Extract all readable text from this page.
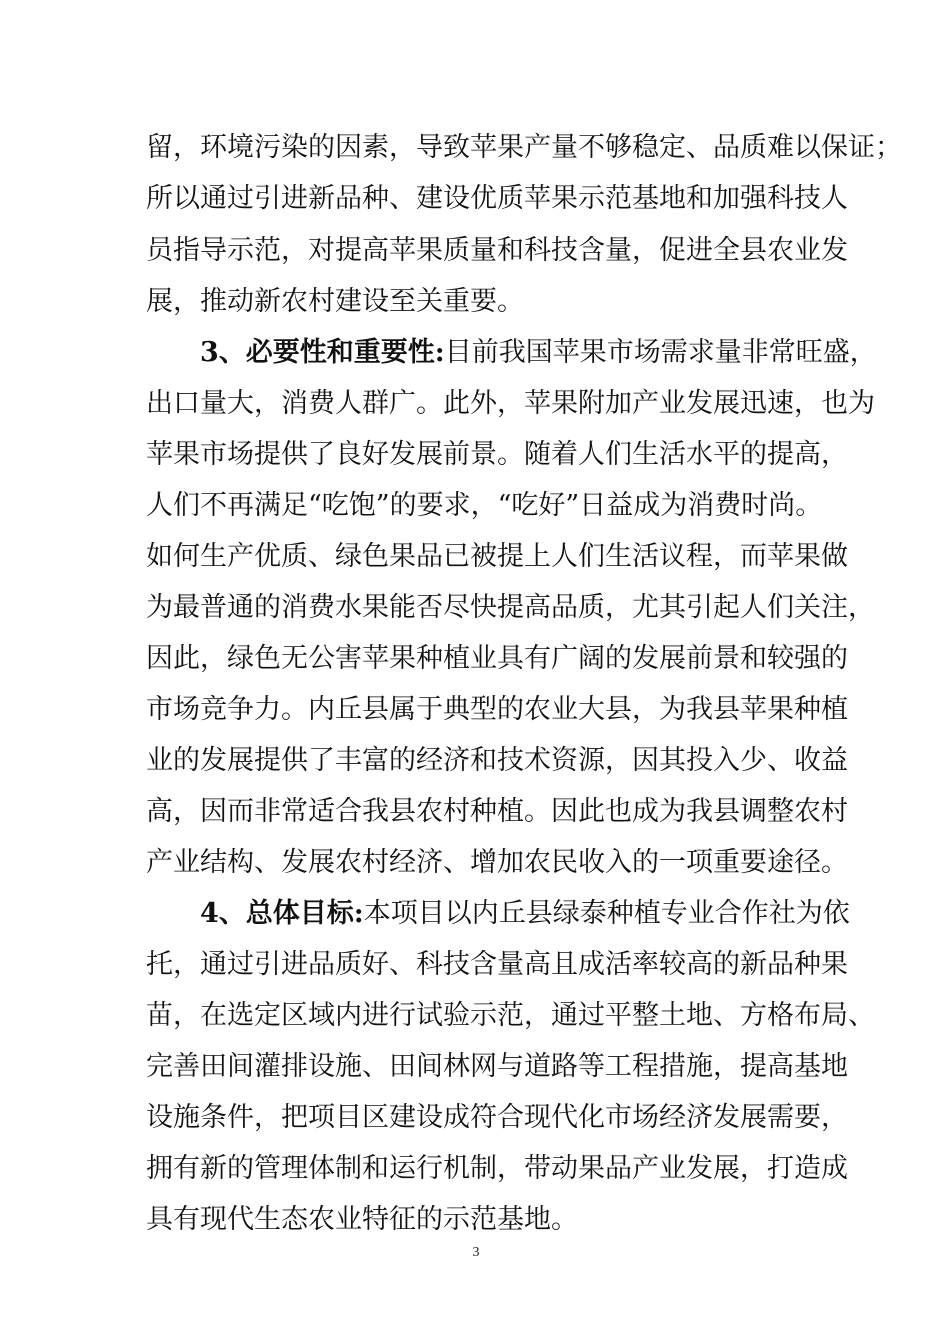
留，环境污染的因素，导致苹果产量不够稳定、品质难以保证；
所以通过引进新品种、建设优质苹果示范基地和加强科技人
员指导示范，对提高苹果质量和科技含量，促进全县农业发
展，推动新农村建设至关重要。
3、必要性和重要性:目前我国苹果市场需求量非常旺盛，
出口量大，消费人群广。此外，苹果附加产业发展迅速，也为
苹果市场提供了良好发展前景。随着人们生活水平的提高，
人们不再满足“吃饱”的要求，“吃好”日益成为消费时尚。
如何生产优质、绿色果品已被提上人们生活议程，而苹果做
为最普通的消费水果能否尽快提高品质，尤其引起人们关注，
因此，绿色无公害苹果种植业具有广阔的发展前景和较强的
市场竞争力。内丘县属于典型的农业大县，为我县苹果种植
业的发展提供了丰富的经济和技术资源，因其投入少、收益
高，因而非常适合我县农村种植。因此也成为我县调整农村
产业结构、发展农村经济、增加农民收入的一项重要途径。
4、总体目标:本项目以内丘县绿泰种植专业合作社为依
托，通过引进品质好、科技含量高且成活率较高的新品种果
苗，在选定区域内进行试验示范，通过平整土地、方格布局、
完善田间灌排设施、田间林网与道路等工程措施，提高基地
设施条件，把项目区建设成符合现代化市场经济发展需要，
拥有新的管理体制和运行机制，带动果品产业发展，打造成
具有现代生态农业特征的示范基地。
3
